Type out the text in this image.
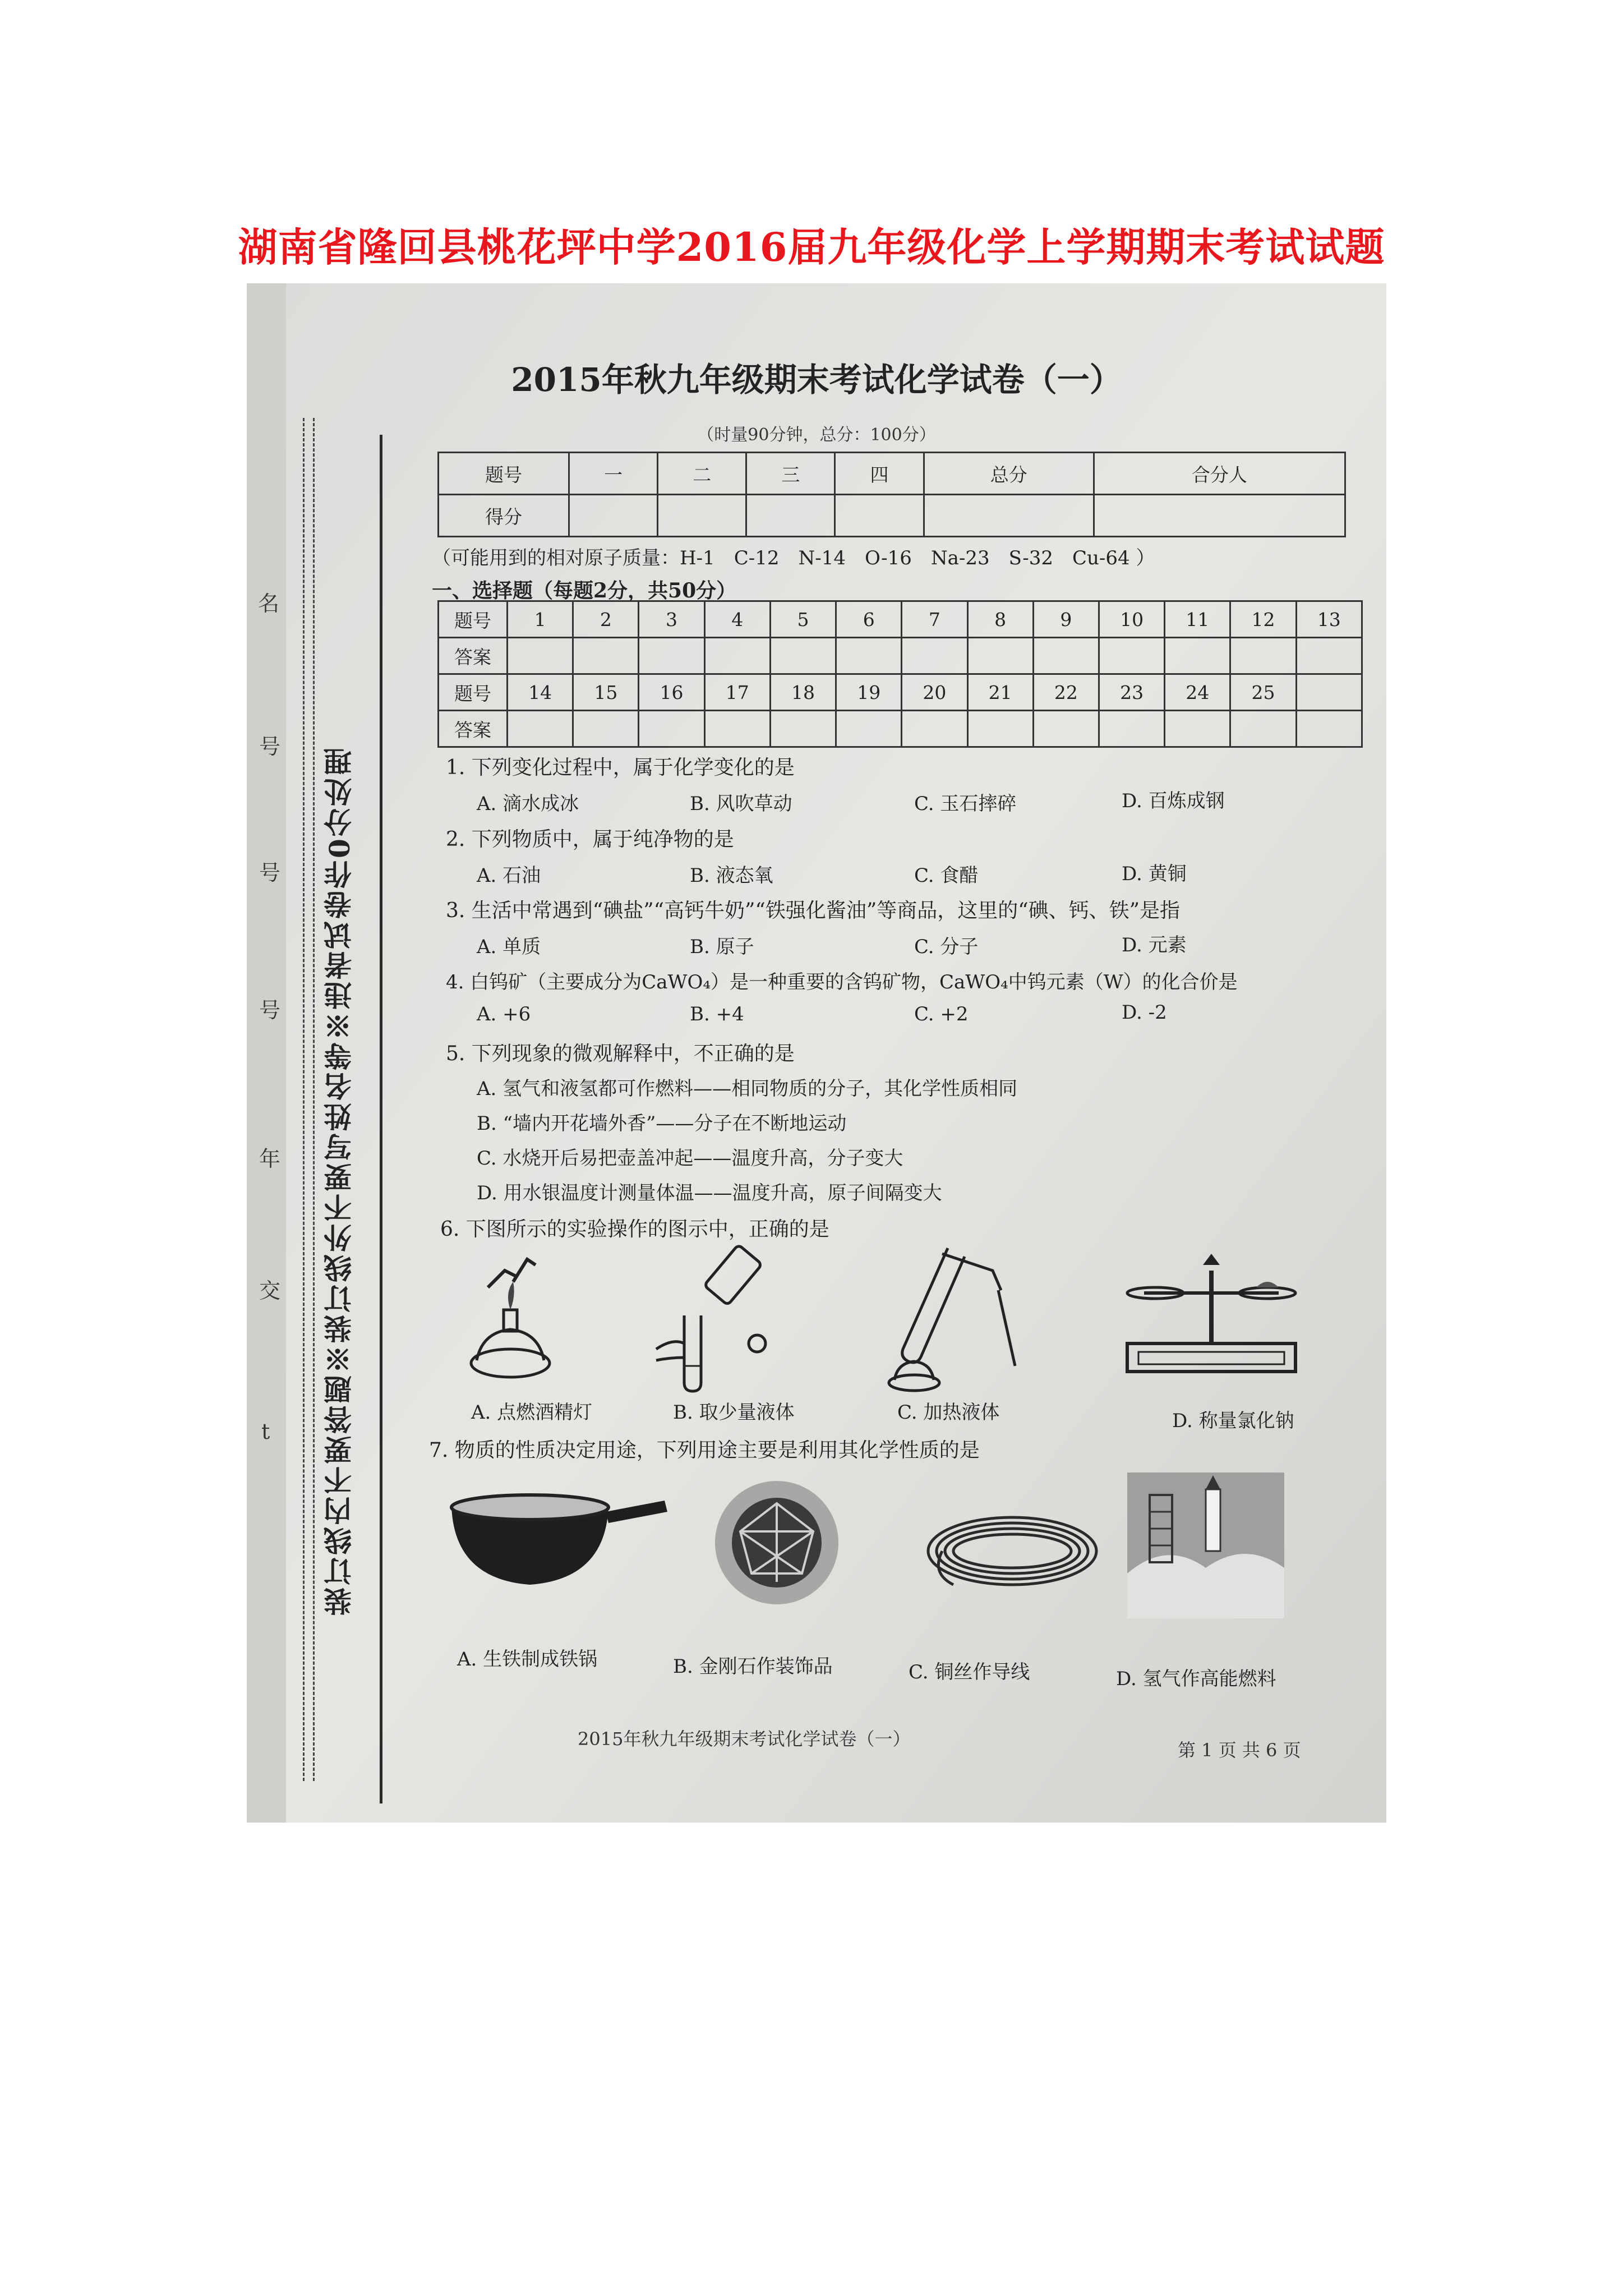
湖南省隆回县桃花坪中学2016届九年级化学上学期期末考试试题
装订线内不要答题※装订线外不要写姓名等※违者试卷作0分处理
名
号
号
号
年
交
t
2015年秋九年级期末考试化学试卷（一）
（时量90分钟，总分：100分）
题号	一	二	三	四	总分	合分人
得分						
（可能用到的相对原子质量：H-1　C-12　N-14　O-16　Na-23　S-32　Cu-64 ）
一、选择题（每题2分，共50分）
题号	1	2	3	4	5	6	7	8	9	10	11	12	13
答案													
题号	14	15	16	17	18	19	20	21	22	23	24	25	
答案													
1. 下列变化过程中，属于化学变化的是
A. 滴水成冰	B. 风吹草动	C. 玉石摔碎	D. 百炼成钢
2. 下列物质中，属于纯净物的是
A. 石油	B. 液态氧	C. 食醋	D. 黄铜
3. 生活中常遇到“碘盐”“高钙牛奶”“铁强化酱油”等商品，这里的“碘、钙、铁”是指
A. 单质	B. 原子	C. 分子	D. 元素
4. 白钨矿（主要成分为CaWO₄）是一种重要的含钨矿物，CaWO₄中钨元素（W）的化合价是
A. +6	B. +4	C. +2	D. -2
5. 下列现象的微观解释中，不正确的是
A. 氢气和液氢都可作燃料——相同物质的分子，其化学性质相同
B. “墙内开花墙外香”——分子在不断地运动
C. 水烧开后易把壶盖冲起——温度升高，分子变大
D. 用水银温度计测量体温——温度升高，原子间隔变大
6. 下图所示的实验操作的图示中，正确的是
A. 点燃酒精灯	B. 取少量液体	C. 加热液体	D. 称量氯化钠
7. 物质的性质决定用途，下列用途主要是利用其化学性质的是
A. 生铁制成铁锅	B. 金刚石作装饰品	C. 铜丝作导线	D. 氢气作高能燃料
2015年秋九年级期末考试化学试卷（一）
第 1 页 共 6 页
